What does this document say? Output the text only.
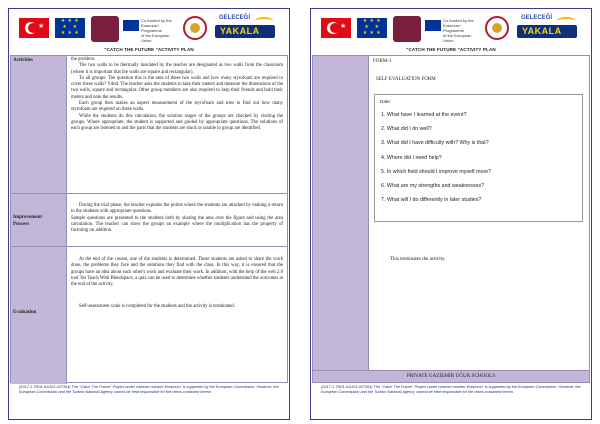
★
★ ★ ★
★   ★
★ ★ ★
Co-funded by the
Erasmus+ Programme
of the European Union
GELECEĞİ
YAKALA
"CATCH THE FUTURE "ACTIVITY PLAN
Activities	the problem.

The two walls to be thermally insulated by the teacher are designated as two walls from the classroom (where it is important that the walls are square and rectangular).

To all groups: The question this is the area of these two walls and how many styrofoam are required to cover these walls? Ydnd. The teacher asks the students to take their meters and measure the dimensions of the two walls, square and rectangular. Other group members are also required to help their friends and hold their meters and note the results.

Each group then makes an aspect measurement of the styrofoam and tries to find out how many styrofoam are required on these walls.

While the students do this calculation, the solution stages of the groups are checked by visiting the groups. Where appropriate, the student is supported and guided by appropriate questions. The solutions of each group are listened to and the parts that the students are stuck or unable to group are identified.

Improvement
Process

During the trial phase, the teacher explains the points where the students are attached by making a return to the students with appropriate questions.

Sample questions are presented to the students both by sharing the area over the figure and using the area calculation. The teacher can show the groups an example where the multiplication has the property of factoring on addition.

Evaluation

At the end of the course, one of the students is determined. These students are asked to share the work done, the problems they face and the solutions they find with the class. In this way, it is ensured that the groups have an idea about each other's work and evaluate their work. In addition, with the help of the web 2.0 tool Tes Teach With Blendspace, a quiz can be used to determine whether students understand the outcomes at the end of the activity.

Self-assessment scale is completed for the students and the activity is terminated.

(2017-1-TR01-KA101-037364) The "Catch The Future" Project under contract number Erasmus+ is supported by the European Commission. However, the European Commission and the Turkish National Agency cannot be held responsible for the views contained herein.
★
★ ★ ★
★   ★
★ ★ ★
Co-funded by the
Erasmus+ Programme
of the European Union
GELECEĞİ
YAKALA
"CATCH THE FUTURE "ACTIVITY PLAN
FORM-1
SELF EVALUATION FORM
Date:
1. What have I learned at the event?
2. What did I do well?
3. What did I have difficulty with? Why is that?
4. Where did I need help?
5. In which field should I improve myself more?
6. What are my strengths and weaknesses?
7. What will I do differently in later studies?
This terminates the activity.
PRIVATE GAZİEMİR UĞUR SCHOOLS
(2017-1-TR01-KA101-037364) The "Catch The Future" Project under contract number Erasmus+ is supported by the European Commission. However, the European Commission and the Turkish National Agency cannot be held responsible for the views contained herein.
